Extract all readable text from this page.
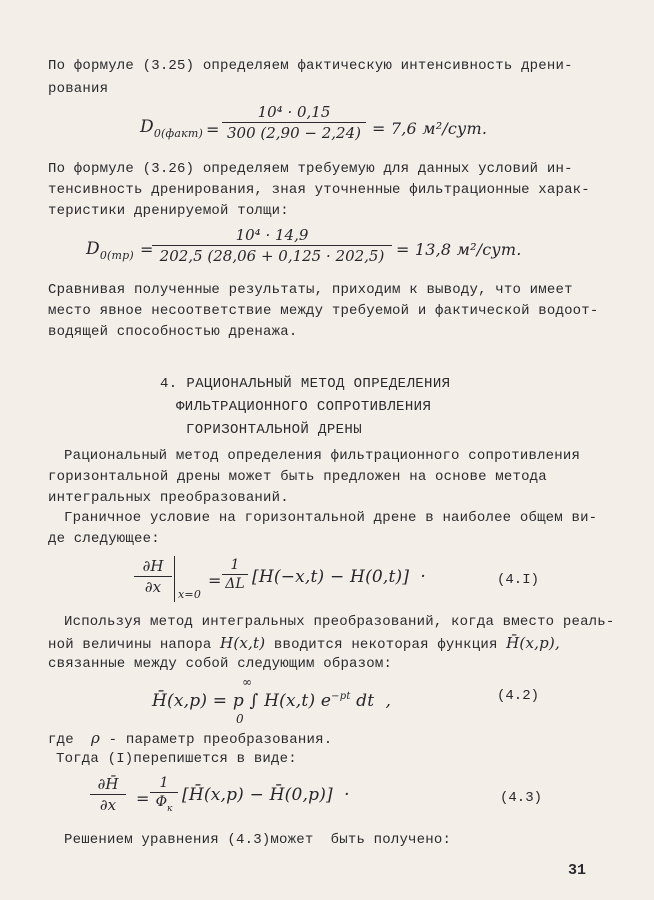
По формуле (3.25) определяем фактическую интенсивность дрени-
рования
$D_{0(факт)}$ =
10⁴ · 0,15
300 (2,90 − 2,24) = 7,6 м²/сут.
По формуле (3.26) определяем требуемую для данных условий ин-
тенсивность дренирования, зная уточненные фильтрационные харак-
теристики дренируемой толщи:
$D_{0(тр)}$ =
10⁴ · 14,9
202,5 (28,06 + 0,125 · 202,5) = 13,8 м²/сут.
Сравнивая полученные результаты, приходим к выводу, что имеет
место явное несоответствие между требуемой и фактической водоот-
водящей способностью дренажа.
4. РАЦИОНАЛЬНЫЙ МЕТОД ОПРЕДЕЛЕНИЯ
ФИЛЬТРАЦИОННОГО СОПРОТИВЛЕНИЯ
ГОРИЗОНТАЛЬНОЙ ДРЕНЫ
Рациональный метод определения фильтрационного сопротивления
горизонтальной дрены может быть предложен на основе метода
интегральных преобразований.
Граничное условие на горизонтальной дрене в наиболее общем ви-
де следующее:
∂H
∂x	x=0
=
1
ΔL [H(−x,t) − H(0,t)]  ·	(4.I)
Используя метод интегральных преобразований, когда вместо реаль-
ной величины напора H(x,t) вводится некоторая функция H̄(x,p),
связанные между собой следующим образом:
∞
H̄(x,p) = p ∫ H(x,t) $e^{-pt}$ dt  ,
0
(4.2)
где ρ - параметр преобразования.
Тогда (I)перепишется в виде:
∂H̄
∂x	=
1
$\Phi_к$
[H̄(x,p) − H̄(0,p)]  ·	(4.3)
Решением уравнения (4.3)может  быть получено:
31
